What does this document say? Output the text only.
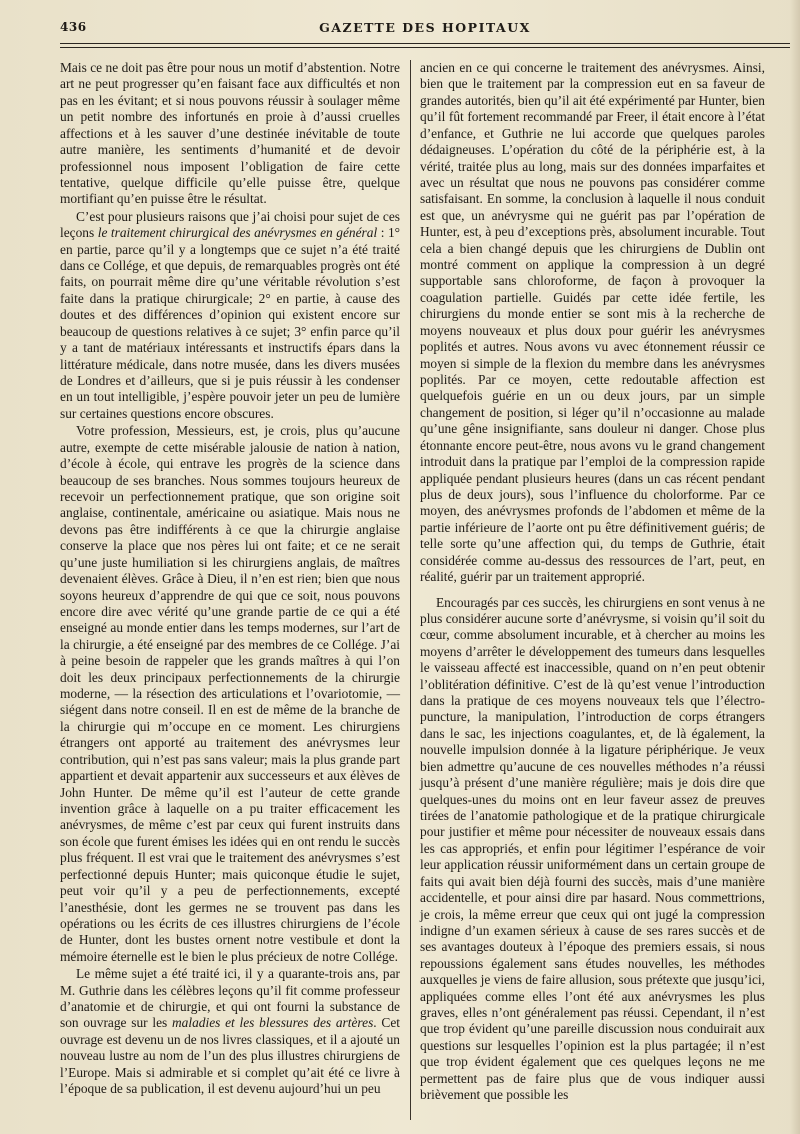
436	GAZETTE DES HOPITAUX

Mais ce ne doit pas être pour nous un motif d’abstention. Notre art ne peut progresser qu’en faisant face aux difficultés et non pas en les évitant; et si nous pouvons réussir à soulager même un petit nombre des infortunés en proie à d’aussi cruelles affections et à les sauver d’une destinée inévitable de toute autre manière, les sentiments d’humanité et de devoir professionnel nous imposent l’obligation de faire cette tentative, quelque difficile qu’elle puisse être, quelque mortifiant qu’en puisse être le résultat.

C’est pour plusieurs raisons que j’ai choisi pour sujet de ces leçons le traitement chirurgical des anévrysmes en général : 1° en partie, parce qu’il y a longtemps que ce sujet n’a été traité dans ce Collége, et que depuis, de remarquables progrès ont été faits, on pourrait même dire qu’une véritable révolution s’est faite dans la pratique chirurgicale; 2° en partie, à cause des doutes et des différences d’opinion qui existent encore sur beaucoup de questions relatives à ce sujet; 3° enfin parce qu’il y a tant de matériaux intéressants et instructifs épars dans la littérature médicale, dans notre musée, dans les divers musées de Londres et d’ailleurs, que si je puis réussir à les condenser en un tout intelligible, j’espère pouvoir jeter un peu de lumière sur certaines questions encore obscures.

Votre profession, Messieurs, est, je crois, plus qu’aucune autre, exempte de cette misérable jalousie de nation à nation, d’école à école, qui entrave les progrès de la science dans beaucoup de ses branches. Nous sommes toujours heureux de recevoir un perfectionnement pratique, que son origine soit anglaise, continentale, américaine ou asiatique. Mais nous ne devons pas être indifférents à ce que la chirurgie anglaise conserve la place que nos pères lui ont faite; et ce ne serait qu’une juste humiliation si les chirurgiens anglais, de maîtres devenaient élèves. Grâce à Dieu, il n’en est rien; bien que nous soyons heureux d’apprendre de qui que ce soit, nous pouvons encore dire avec vérité qu’une grande partie de ce qui a été enseigné au monde entier dans les temps modernes, sur l’art de la chirurgie, a été enseigné par des membres de ce Collége. J’ai à peine besoin de rappeler que les grands maîtres à qui l’on doit les deux principaux perfectionnements de la chirurgie moderne, — la résection des articulations et l’ovariotomie, — siégent dans notre conseil. Il en est de même de la branche de la chirurgie qui m’occupe en ce moment. Les chirurgiens étrangers ont apporté au traitement des anévrysmes leur contribution, qui n’est pas sans valeur; mais la plus grande part appartient et devait appartenir aux successeurs et aux élèves de John Hunter. De même qu’il est l’auteur de cette grande invention grâce à laquelle on a pu traiter efficacement les anévrysmes, de même c’est par ceux qui furent instruits dans son école que furent émises les idées qui en ont rendu le succès plus fréquent. Il est vrai que le traitement des anévrysmes s’est perfectionné depuis Hunter; mais quiconque étudie le sujet, peut voir qu’il y a peu de perfectionnements, excepté l’anesthésie, dont les germes ne se trouvent pas dans les opérations ou les écrits de ces illustres chirurgiens de l’école de Hunter, dont les bustes ornent notre vestibule et dont la mémoire éternelle est le bien le plus précieux de notre Collége.

Le même sujet a été traité ici, il y a quarante-trois ans, par M. Guthrie dans les célèbres leçons qu’il fit comme professeur d’anatomie et de chirurgie, et qui ont fourni la substance de son ouvrage sur les maladies et les blessures des artères. Cet ouvrage est devenu un de nos livres classiques, et il a ajouté un nouveau lustre au nom de l’un des plus illustres chirurgiens de l’Europe. Mais si admirable et si complet qu’ait été ce livre à l’époque de sa publication, il est devenu aujourd’hui un peu

ancien en ce qui concerne le traitement des anévrysmes. Ainsi, bien que le traitement par la compression eut en sa faveur de grandes autorités, bien qu’il ait été expérimenté par Hunter, bien qu’il fût fortement recommandé par Freer, il était encore à l’état d’enfance, et Guthrie ne lui accorde que quelques paroles dédaigneuses. L’opération du côté de la périphérie est, à la vérité, traitée plus au long, mais sur des données imparfaites et avec un résultat que nous ne pouvons pas considérer comme satisfaisant. En somme, la conclusion à laquelle il nous conduit est que, un anévrysme qui ne guérit pas par l’opération de Hunter, est, à peu d’exceptions près, absolument incurable. Tout cela a bien changé depuis que les chirurgiens de Dublin ont montré comment on applique la compression à un degré supportable sans chloroforme, de façon à provoquer la coagulation partielle. Guidés par cette idée fertile, les chirurgiens du monde entier se sont mis à la recherche de moyens nouveaux et plus doux pour guérir les anévrysmes poplités et autres. Nous avons vu avec étonnement réussir ce moyen si simple de la flexion du membre dans les anévrysmes poplités. Par ce moyen, cette redoutable affection est quelquefois guérie en un ou deux jours, par un simple changement de position, si léger qu’il n’occasionne au malade qu’une gêne insignifiante, sans douleur ni danger. Chose plus étonnante encore peut-être, nous avons vu le grand changement introduit dans la pratique par l’emploi de la compression rapide appliquée pendant plusieurs heures (dans un cas récent pendant plus de deux jours), sous l’influence du cholorforme. Par ce moyen, des anévrysmes profonds de l’abdomen et même de la partie inférieure de l’aorte ont pu être définitivement guéris; de telle sorte qu’une affection qui, du temps de Guthrie, était considérée comme au-dessus des ressources de l’art, peut, en réalité, guérir par un traitement approprié.

Encouragés par ces succès, les chirurgiens en sont venus à ne plus considérer aucune sorte d’anévrysme, si voisin qu’il soit du cœur, comme absolument incurable, et à chercher au moins les moyens d’arrêter le développement des tumeurs dans lesquelles le vaisseau affecté est inaccessible, quand on n’en peut obtenir l’oblitération définitive. C’est de là qu’est venue l’introduction dans la pratique de ces moyens nouveaux tels que l’électro-puncture, la manipulation, l’introduction de corps étrangers dans le sac, les injections coagulantes, et, de là également, la nouvelle impulsion donnée à la ligature périphérique. Je veux bien admettre qu’aucune de ces nouvelles méthodes n’a réussi jusqu’à présent d’une manière régulière; mais je dois dire que quelques-unes du moins ont en leur faveur assez de preuves tirées de l’anatomie pathologique et de la pratique chirurgicale pour justifier et même pour nécessiter de nouveaux essais dans les cas appropriés, et enfin pour légitimer l’espérance de voir leur application réussir uniformément dans un certain groupe de faits qui avait bien déjà fourni des succès, mais d’une manière accidentelle, et pour ainsi dire par hasard. Nous commettrions, je crois, la même erreur que ceux qui ont jugé la compression indigne d’un examen sérieux à cause de ses rares succès et de ses avantages douteux à l’époque des premiers essais, si nous repoussions également sans études nouvelles, les méthodes auxquelles je viens de faire allusion, sous prétexte que jusqu’ici, appliquées comme elles l’ont été aux anévrysmes les plus graves, elles n’ont généralement pas réussi. Cependant, il n’est que trop évident qu’une pareille discussion nous conduirait aux questions sur lesquelles l’opinion est la plus partagée; il n’est que trop évident également que ces quelques leçons ne me permettent pas de faire plus que de vous indiquer aussi brièvement que possible les
